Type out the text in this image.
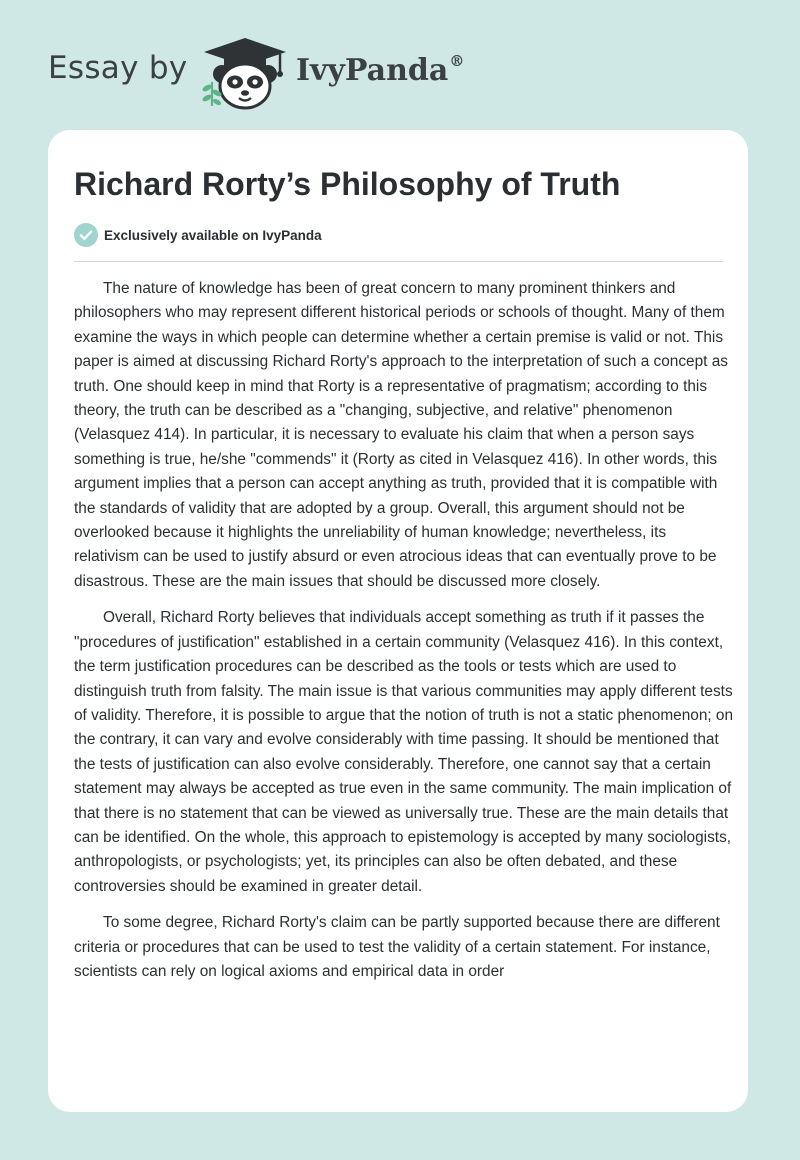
Essay by	IvyPanda®
Richard Rorty’s Philosophy of Truth
Exclusively available on IvyPanda

The nature of knowledge has been of great concern to many prominent thinkers and philosophers who may represent different historical periods or schools of thought. Many of them examine the ways in which people can determine whether a certain premise is valid or not. This paper is aimed at discussing Richard Rorty's approach to the interpretation of such a concept as truth. One should keep in mind that Rorty is a representative of pragmatism; according to this theory, the truth can be described as a "changing, subjective, and relative" phenomenon (Velasquez 414). In particular, it is necessary to evaluate his claim that when a person says something is true, he/she "commends" it (Rorty as cited in Velasquez 416). In other words, this argument implies that a person can accept anything as truth, provided that it is compatible with the standards of validity that are adopted by a group. Overall, this argument should not be overlooked because it highlights the unreliability of human knowledge; nevertheless, its relativism can be used to justify absurd or even atrocious ideas that can eventually prove to be disastrous. These are the main issues that should be discussed more closely.

Overall, Richard Rorty believes that individuals accept something as truth if it passes the "procedures of justification" established in a certain community (Velasquez 416). In this context, the term justification procedures can be described as the tools or tests which are used to distinguish truth from falsity. The main issue is that various communities may apply different tests of validity. Therefore, it is possible to argue that the notion of truth is not a static phenomenon; on the contrary, it can vary and evolve considerably with time passing. It should be mentioned that the tests of justification can also evolve considerably. Therefore, one cannot say that a certain statement may always be accepted as true even in the same community. The main implication of that there is no statement that can be viewed as universally true. These are the main details that can be identified. On the whole, this approach to epistemology is accepted by many sociologists, anthropologists, or psychologists; yet, its principles can also be often debated, and these controversies should be examined in greater detail.

To some degree, Richard Rorty's claim can be partly supported because there are different criteria or procedures that can be used to test the validity of a certain statement. For instance, scientists can rely on logical axioms and empirical data in order
